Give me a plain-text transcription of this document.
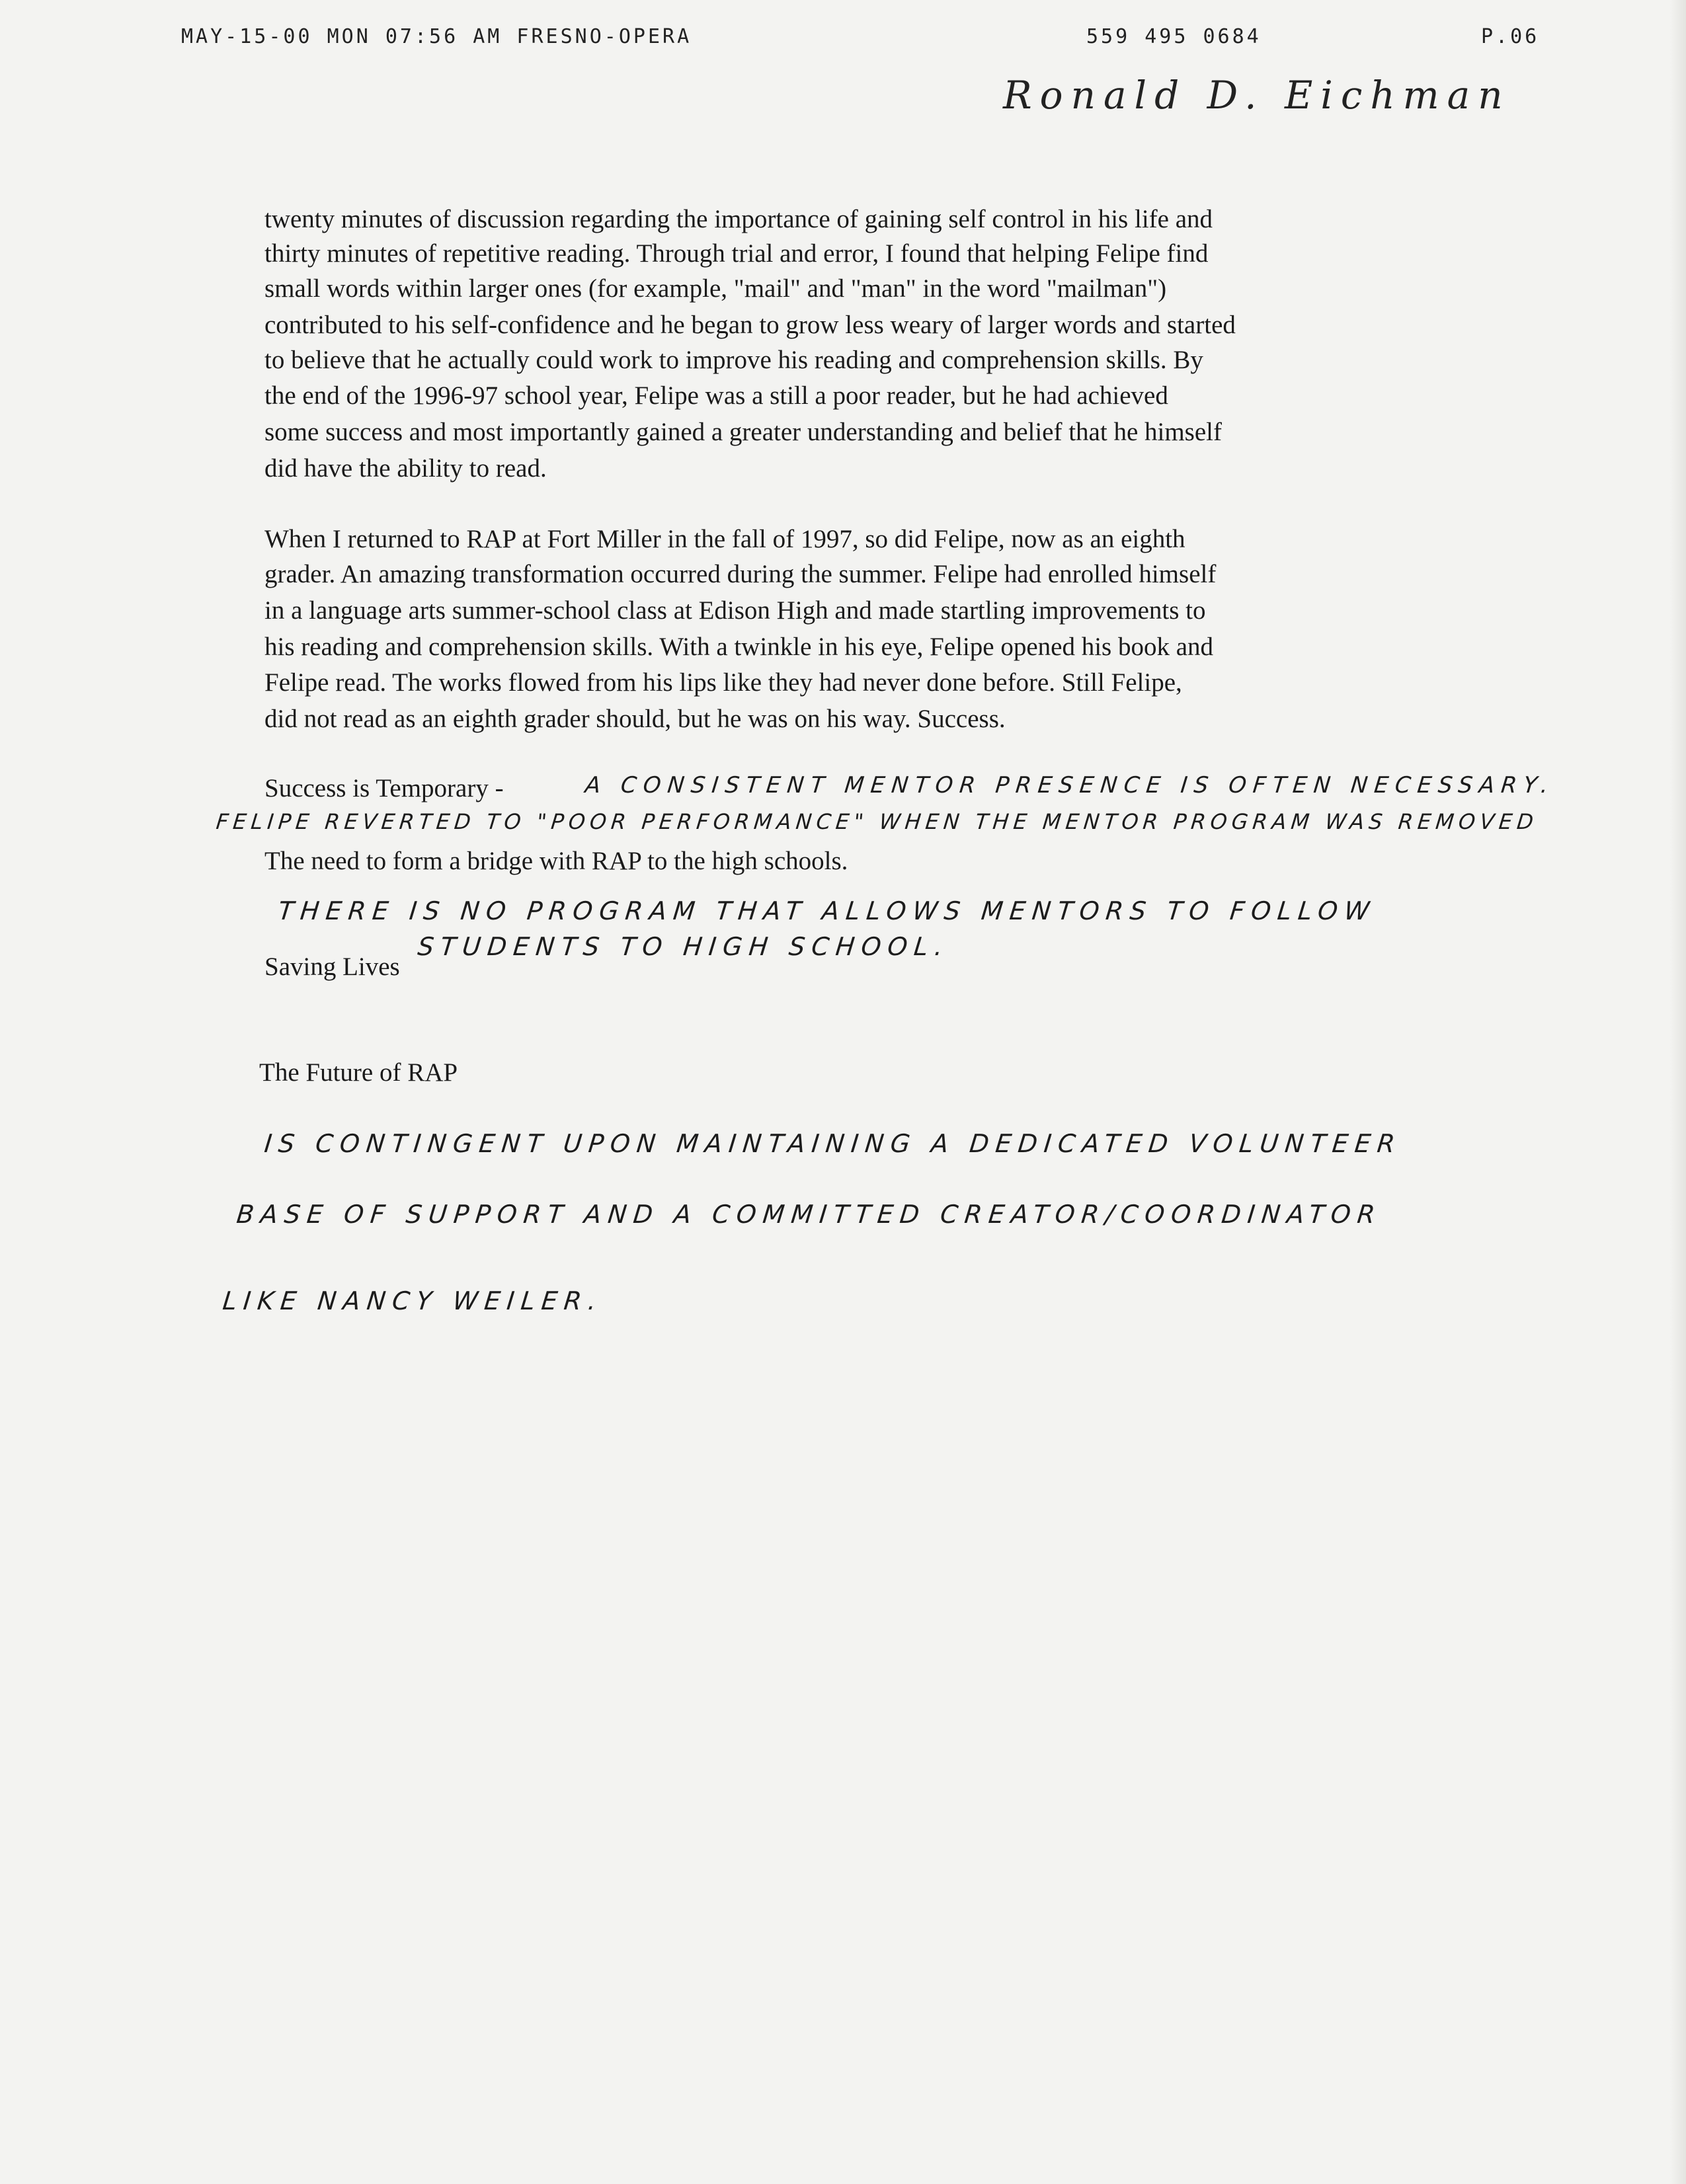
MAY-15-00 MON 07:56 AM FRESNO-OPERA	559 495 0684	P.06
Ronald D. Eichman
twenty minutes of discussion regarding the importance of gaining self control in his life and
thirty minutes of repetitive reading. Through trial and error, I found that helping Felipe find
small words within larger ones (for example, "mail" and "man" in the word "mailman")
contributed to his self-confidence and he began to grow less weary of larger words and started
to believe that he actually could work to improve his reading and comprehension skills. By
the end of the 1996-97 school year, Felipe was a still a poor reader, but he had achieved
some success and most importantly gained a greater understanding and belief that he himself
did have the ability to read.
When I returned to RAP at Fort Miller in the fall of 1997, so did Felipe, now as an eighth
grader. An amazing transformation occurred during the summer. Felipe had enrolled himself
in a language arts summer-school class at Edison High and made startling improvements to
his reading and comprehension skills. With a twinkle in his eye, Felipe opened his book and
Felipe read. The works flowed from his lips like they had never done before. Still Felipe,
did not read as an eighth grader should, but he was on his way. Success.
Success is Temporary -	A CONSISTENT MENTOR PRESENCE IS OFTEN NECESSARY.
FELIPE REVERTED TO "POOR PERFORMANCE" WHEN THE MENTOR PROGRAM WAS REMOVED
The need to form a bridge with RAP to the high schools.
THERE IS NO PROGRAM THAT ALLOWS MENTORS TO FOLLOW
STUDENTS TO HIGH SCHOOL.
Saving Lives
The Future of RAP
IS CONTINGENT UPON MAINTAINING A DEDICATED VOLUNTEER
BASE OF SUPPORT AND A COMMITTED CREATOR/COORDINATOR
LIKE NANCY WEILER.
